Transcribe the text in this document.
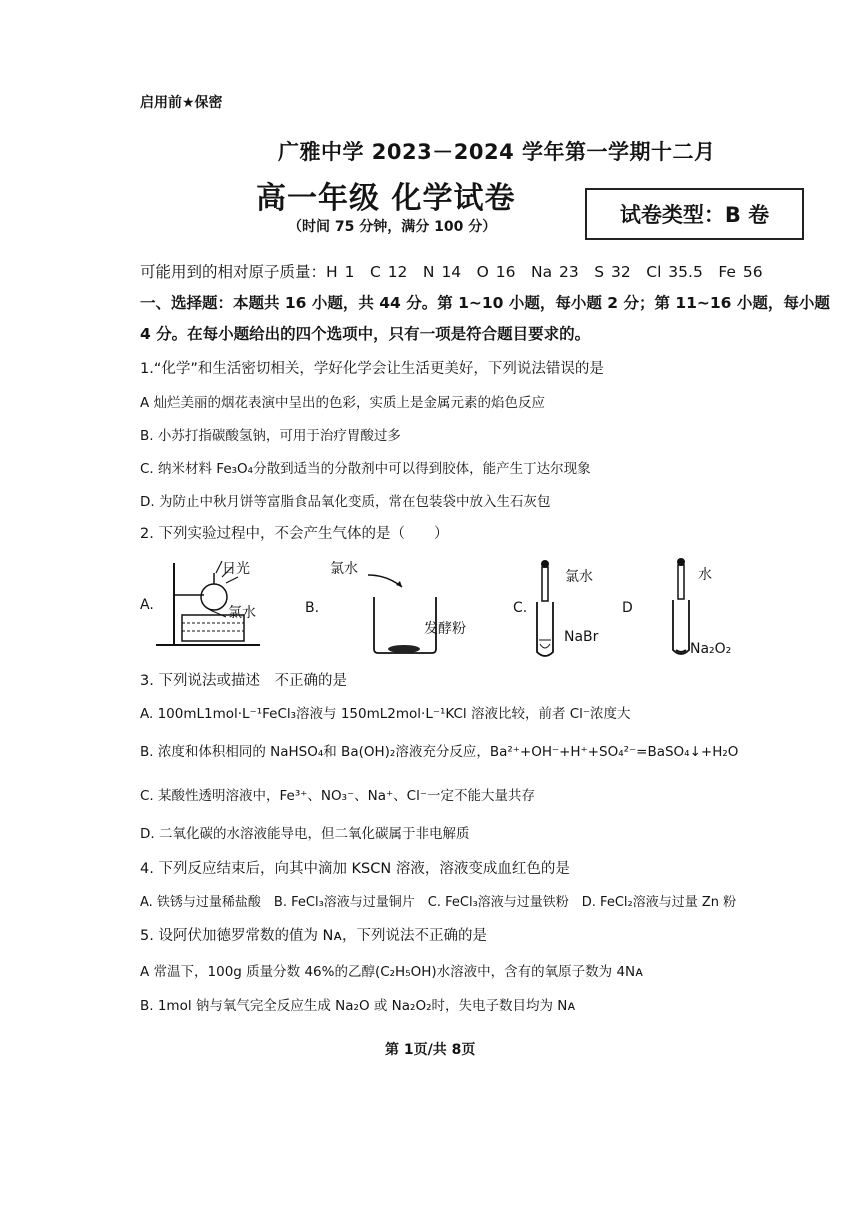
启用前★保密
广雅中学 2023－2024 学年第一学期十二月
高一年级 化学试卷
（时间 75 分钟，满分 100 分）	试卷类型：B 卷
可能用到的相对原子质量：H 1　C 12　N 14　O 16　Na 23　S 32　Cl 35.5　Fe 56
一、选择题：本题共 16 小题，共 44 分。第 1~10 小题，每小题 2 分；第 11~16 小题，每小题
4 分。在每小题给出的四个选项中，只有一项是符合题目要求的。
1.“化学”和生活密切相关，学好化学会让生活更美好，下列说法错误的是
A 灿烂美丽的烟花表演中呈出的色彩，实质上是金属元素的焰色反应
B. 小苏打指碳酸氢钠，可用于治疗胃酸过多
C. 纳米材料 Fe₃O₄分散到适当的分散剂中可以得到胶体，能产生丁达尔现象
D. 为防止中秋月饼等富脂食品氧化变质，常在包装袋中放入生石灰包
2. 下列实验过程中，不会产生气体的是（　　）
A.
日光
氯水	B.
氯水
发酵粉
C.
氯水
NaBr
D
水
Na₂O₂
3. 下列说法或描述　不正确的是
A. 100mL1mol·L⁻¹FeCl₃溶液与 150mL2mol·L⁻¹KCl 溶液比较，前者 Cl⁻浓度大
B. 浓度和体积相同的 NaHSO₄和 Ba(OH)₂溶液充分反应，Ba²⁺+OH⁻+H⁺+SO₄²⁻=BaSO₄↓+H₂O
C. 某酸性透明溶液中，Fe³⁺、NO₃⁻、Na⁺、Cl⁻一定不能大量共存
D. 二氧化碳的水溶液能导电，但二氧化碳属于非电解质
4. 下列反应结束后，向其中滴加 KSCN 溶液，溶液变成血红色的是
A. 铁锈与过量稀盐酸　B. FeCl₃溶液与过量铜片　C. FeCl₃溶液与过量铁粉　D. FeCl₂溶液与过量 Zn 粉
5. 设阿伏加德罗常数的值为 Nᴀ，下列说法不正确的是
A 常温下，100g 质量分数 46%的乙醇(C₂H₅OH)水溶液中，含有的氧原子数为 4Nᴀ
B. 1mol 钠与氧气完全反应生成 Na₂O 或 Na₂O₂时，失电子数目均为 Nᴀ
第 1页/共 8页
